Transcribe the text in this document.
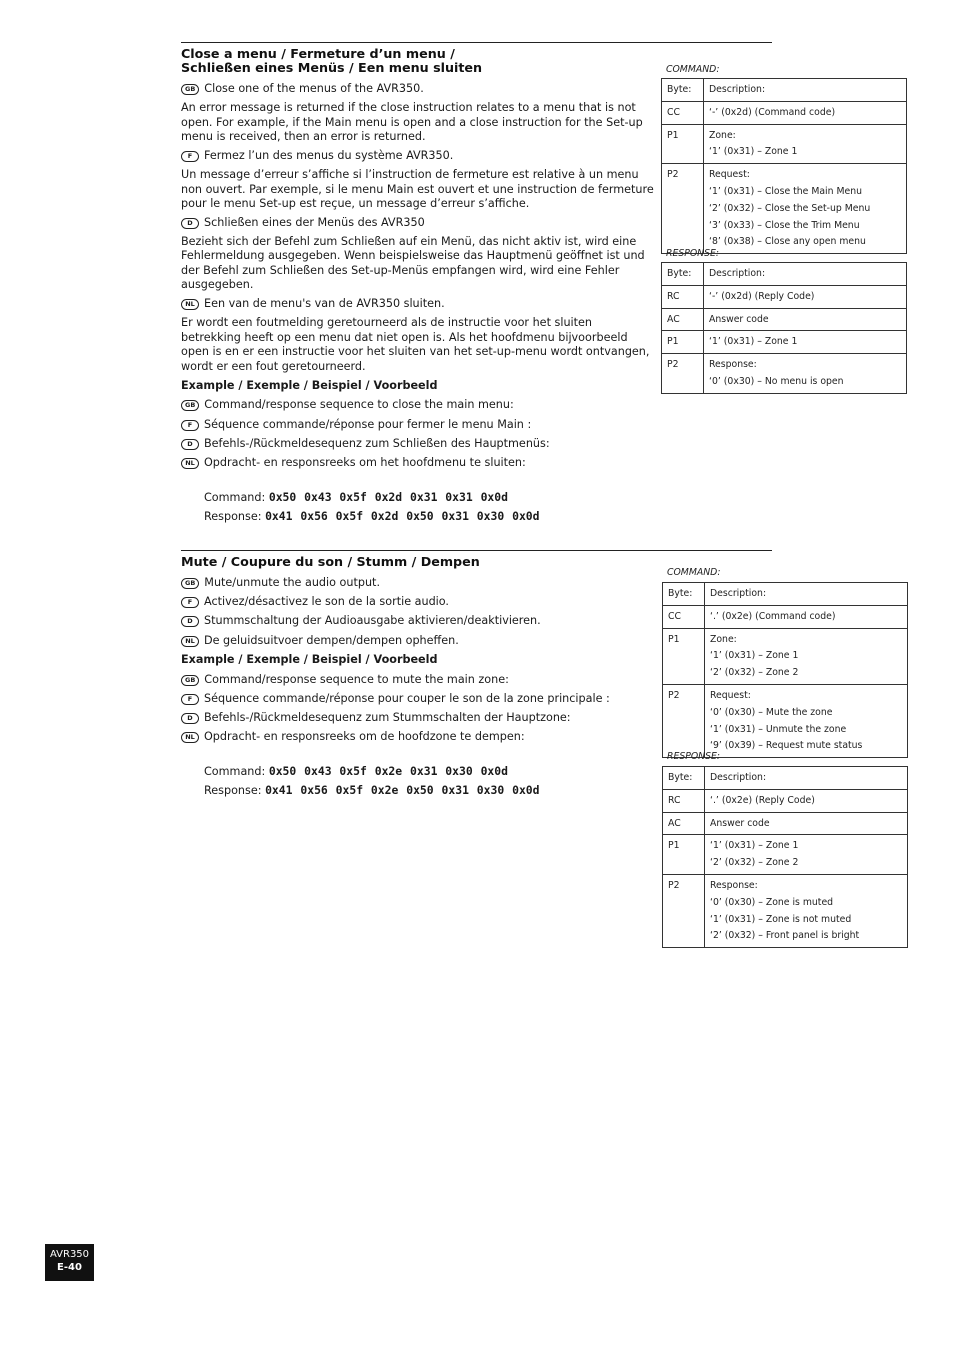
Close a menu / Fermeture d’un menu /
Schließen eines Menüs / Een menu sluiten

GB Close one of the menus of the AVR350.

An error message is returned if the close instruction relates to a menu that is not open. For example, if the Main menu is open and a close instruction for the Set-up menu is received, then an error is returned.

F Fermez l’un des menus du système AVR350.

Un message d’erreur s’affiche si l’instruction de fermeture est relative à un menu non ouvert. Par exemple, si le menu Main est ouvert et une instruction de fermeture pour le menu Set-up est reçue, un message d’erreur s’affiche.

D Schließen eines der Menüs des AVR350

Bezieht sich der Befehl zum Schließen auf ein Menü, das nicht aktiv ist, wird eine Fehlermeldung ausgegeben. Wenn beispielsweise das Hauptmenü geöffnet ist und der Befehl zum Schließen des Set-up-Menüs empfangen wird, wird eine Fehler ausgegeben.

NL Een van de menu's van de AVR350 sluiten.

Er wordt een foutmelding geretourneerd als de instructie voor het sluiten betrekking heeft op een menu dat niet open is. Als het hoofdmenu bijvoorbeeld open is en er een instructie voor het sluiten van het set-up-menu wordt ontvangen, wordt er een fout geretourneerd.

Example / Exemple / Beispiel / Voorbeeld

GB Command/response sequence to close the main menu:

F Séquence commande/réponse pour fermer le menu Main :

D Befehls-/Rückmeldesequenz zum Schließen des Hauptmenüs:

NL Opdracht- en responsreeks om het hoofdmenu te sluiten:

Command: 0x50 0x43 0x5f 0x2d 0x31 0x31 0x0d
Response: 0x41 0x56 0x5f 0x2d 0x50 0x31 0x30 0x0d
COMMAND:
Byte:	Description:

CC	‘-’ (0x2d) (Command code)

P1	Zone:
‘1’ (0x31) – Zone 1

P2	Request:
‘1’ (0x31) – Close the Main Menu
‘2’ (0x32) – Close the Set-up Menu
‘3’ (0x33) – Close the Trim Menu
‘8’ (0x38) – Close any open menu
RESPONSE:
Byte:	Description:

RC	‘-’ (0x2d) (Reply Code)

AC	Answer code

P1	‘1’ (0x31) – Zone 1

P2	Response:
‘0’ (0x30) – No menu is open
Mute / Coupure du son / Stumm / Dempen

GB Mute/unmute the audio output.

F Activez/désactivez le son de la sortie audio.

D Stummschaltung der Audioausgabe aktivieren/deaktivieren.

NL De geluidsuitvoer dempen/dempen opheffen.

Example / Exemple / Beispiel / Voorbeeld

GB Command/response sequence to mute the main zone:

F Séquence commande/réponse pour couper le son de la zone principale :

D Befehls-/Rückmeldesequenz zum Stummschalten der Hauptzone:

NL Opdracht- en responsreeks om de hoofdzone te dempen:

Command: 0x50 0x43 0x5f 0x2e 0x31 0x30 0x0d
Response: 0x41 0x56 0x5f 0x2e 0x50 0x31 0x30 0x0d
COMMAND:
Byte:	Description:

CC	‘.’ (0x2e) (Command code)

P1	Zone:
‘1’ (0x31) – Zone 1
‘2’ (0x32) – Zone 2

P2	Request:
‘0’ (0x30) – Mute the zone
‘1’ (0x31) – Unmute the zone
‘9’ (0x39) – Request mute status
RESPONSE:
Byte:	Description:

RC	‘.’ (0x2e) (Reply Code)

AC	Answer code

P1	‘1’ (0x31) – Zone 1
‘2’ (0x32) – Zone 2

P2	Response:
‘0’ (0x30) – Zone is muted
‘1’ (0x31) – Zone is not muted
‘2’ (0x32) – Front panel is bright
AVR350
E-40
